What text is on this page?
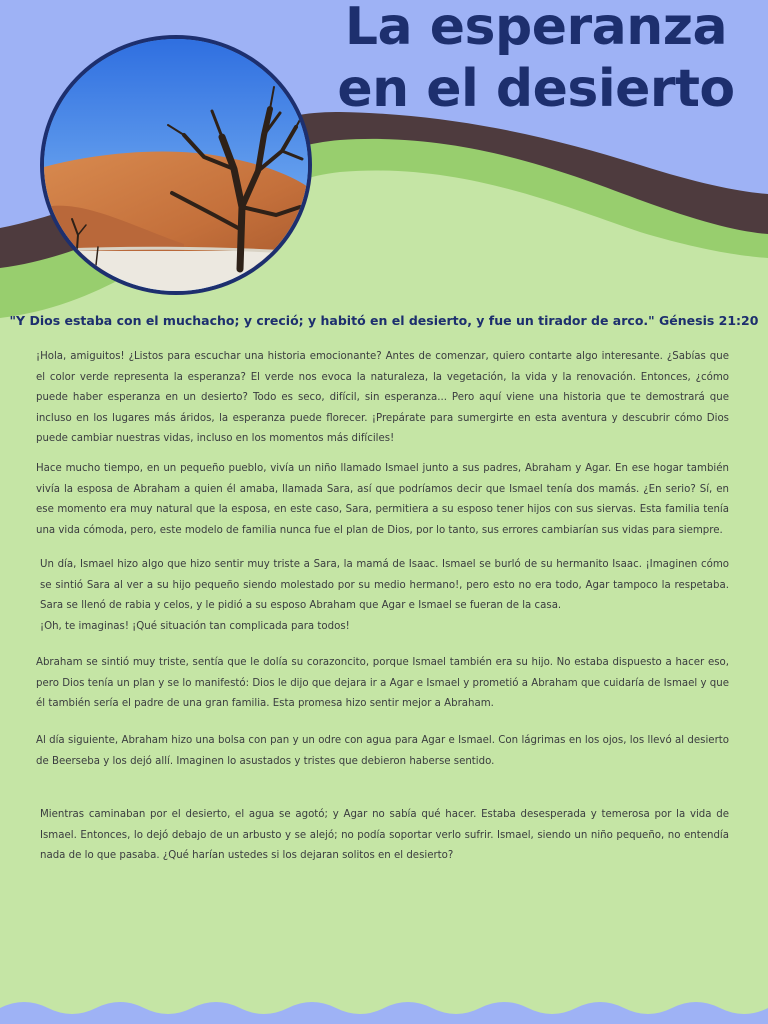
La esperanza en el desierto

"Y Dios estaba con el muchacho; y creció; y habitó en el desierto, y fue un tirador de arco." Génesis 21:20

¡Hola, amiguitos! ¿Listos para escuchar una historia emocionante? Antes de comenzar, quiero contarte algo interesante. ¿Sabías que el color verde representa la esperanza? El verde nos evoca la naturaleza, la vegetación, la vida y la renovación. Entonces, ¿cómo puede haber esperanza en un desierto? Todo es seco, difícil, sin esperanza... Pero aquí viene una historia que te demostrará que incluso en los lugares más áridos, la esperanza puede florecer. ¡Prepárate para sumergirte en esta aventura y descubrir cómo Dios puede cambiar nuestras vidas, incluso en los momentos más difíciles!

Hace mucho tiempo, en un pequeño pueblo, vivía un niño llamado Ismael junto a sus padres, Abraham y Agar. En ese hogar también vivía la esposa de Abraham a quien él amaba, llamada Sara, así que podríamos decir que Ismael tenía dos mamás. ¿En serio? Sí, en ese momento era muy natural que la esposa, en este caso, Sara, permitiera a su esposo tener hijos con sus siervas. Esta familia tenía una vida cómoda, pero, este modelo de familia nunca fue el plan de Dios, por lo tanto, sus errores cambiarían sus vidas para siempre.

Un día, Ismael hizo algo que hizo sentir muy triste a Sara, la mamá de Isaac. Ismael se burló de su hermanito Isaac. ¡Imaginen cómo se sintió Sara al ver a su hijo pequeño siendo molestado por su medio hermano!, pero esto no era todo, Agar tampoco la respetaba. Sara se llenó de rabia y celos, y le pidió a su esposo Abraham que Agar e Ismael se fueran de la casa.
¡Oh, te imaginas! ¡Qué situación tan complicada para todos!

Abraham se sintió muy triste, sentía que le dolía su corazoncito, porque Ismael también era su hijo. No estaba dispuesto a hacer eso, pero Dios tenía un plan y se lo manifestó: Dios le dijo que dejara ir a Agar e Ismael y prometió a Abraham que cuidaría de Ismael y que él también sería el padre de una gran familia. Esta promesa hizo sentir mejor a Abraham.

Al día siguiente, Abraham hizo una bolsa con pan y un odre con agua para Agar e Ismael. Con lágrimas en los ojos, los llevó al desierto de Beerseba y los dejó allí. Imaginen lo asustados y tristes que debieron haberse sentido.

Mientras caminaban por el desierto, el agua se agotó; y Agar no sabía qué hacer. Estaba desesperada y temerosa por la vida de Ismael. Entonces, lo dejó debajo de un arbusto y se alejó; no podía soportar verlo sufrir. Ismael, siendo un niño pequeño, no entendía nada de lo que pasaba. ¿Qué harían ustedes si los dejaran solitos en el desierto?
